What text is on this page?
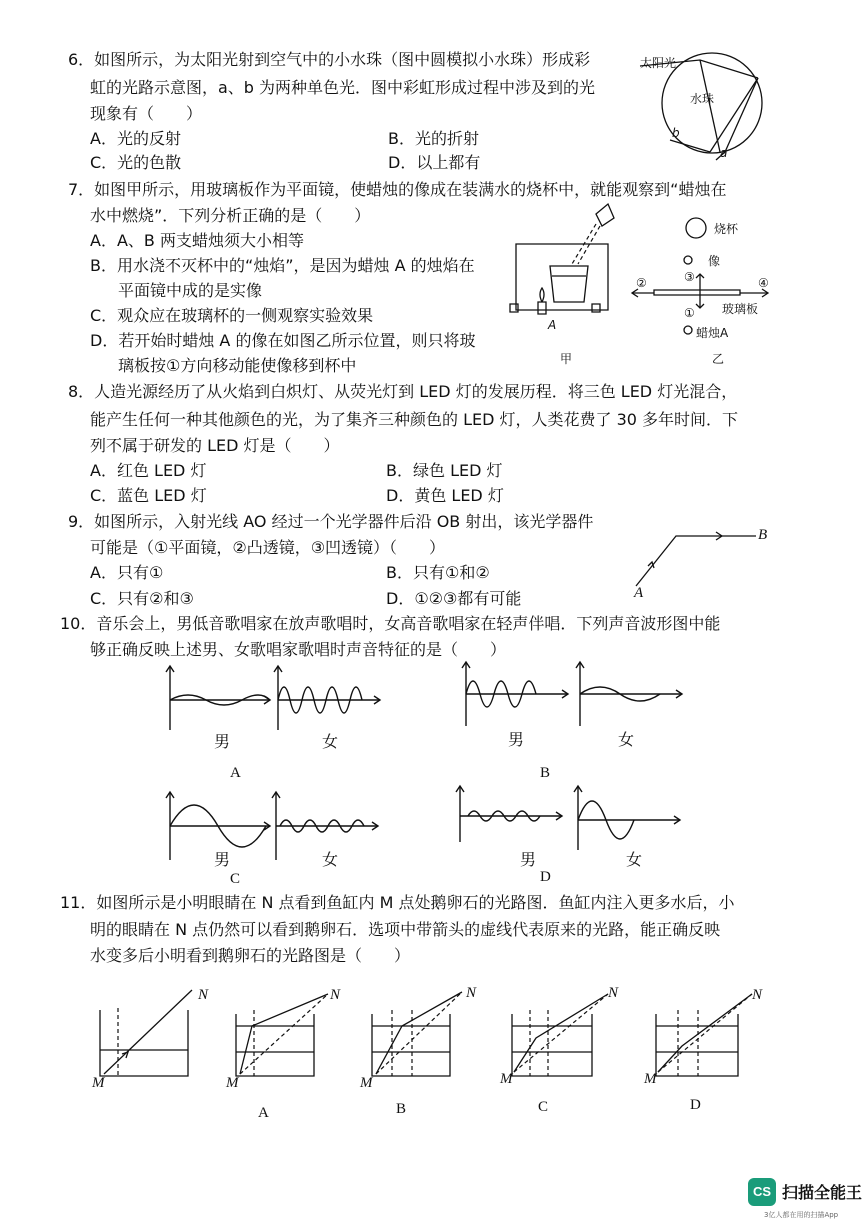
6．如图所示，为太阳光射到空气中的小水珠（图中圆模拟小水珠）形成彩
虹的光路示意图，a、b 为两种单色光．图中彩虹形成过程中涉及到的光
现象有（　　）
A．光的反射	B．光的折射
C．光的色散	D．以上都有
太阳光
水珠
b
a
7．如图甲所示，用玻璃板作为平面镜，使蜡烛的像成在装满水的烧杯中，就能观察到“蜡烛在
水中燃烧”．下列分析正确的是（　　）
A．A、B 两支蜡烛须大小相等
B．用水浇不灭杯中的“烛焰”，是因为蜡烛 A 的烛焰在
平面镜中成的是实像
C．观众应在玻璃杯的一侧观察实验效果
D．若开始时蜡烛 A 的像在如图乙所示位置，则只将玻
璃板按①方向移动能使像移到杯中
A
甲
烧杯
像
②	③	④
① 玻璃板
蜡烛A
乙
8．人造光源经历了从火焰到白炽灯、从荧光灯到 LED 灯的发展历程．将三色 LED 灯光混合，
能产生任何一种其他颜色的光，为了集齐三种颜色的 LED 灯，人类花费了 30 多年时间．下
列不属于研发的 LED 灯是（　　）
A．红色 LED 灯	B．绿色 LED 灯
C．蓝色 LED 灯	D．黄色 LED 灯
9．如图所示，入射光线 AO 经过一个光学器件后沿 OB 射出，该光学器件
可能是（①平面镜，②凸透镜，③凹透镜）（　　）
A．只有①	B．只有①和②
C．只有②和③	D．①②③都有可能	A
B
10．音乐会上，男低音歌唱家在放声歌唱时，女高音歌唱家在轻声伴唱．下列声音波形图中能
够正确反映上述男、女歌唱家歌唱时声音特征的是（　　）
男	女
A
男	女
B
男	女
C
男	女
D
11．如图所示是小明眼睛在 N 点看到鱼缸内 M 点处鹅卵石的光路图．鱼缸内注入更多水后，小
明的眼睛在 N 点仍然可以看到鹅卵石．选项中带箭头的虚线代表原来的光路，能正确反映
水变多后小明看到鹅卵石的光路图是（　　）
N
M
N
M
A
N
M
B
N
M
C
N
M
D
CS 扫描全能王
3亿人都在用的扫描App
